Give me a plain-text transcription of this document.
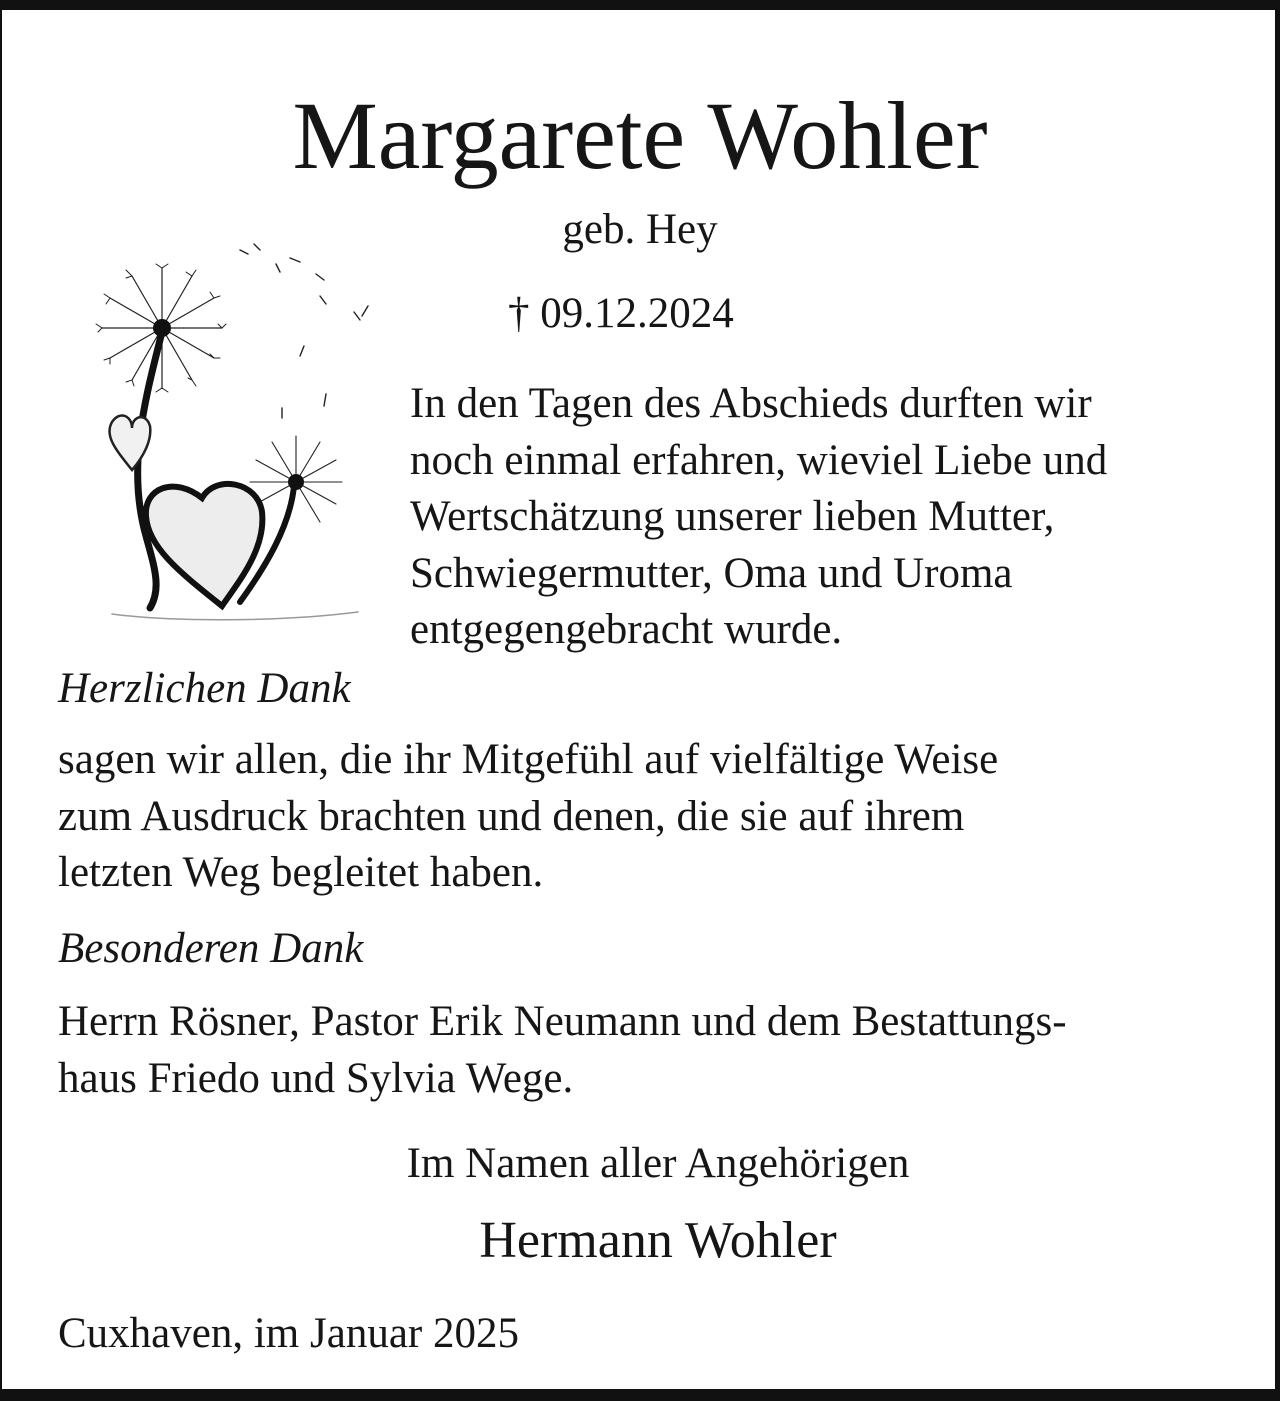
Margarete Wohler
geb. Hey
† 09.12.2024
In den Tagen des Abschieds durften wir
noch einmal erfahren, wieviel Liebe und
Wertschätzung unserer lieben Mutter,
Schwiegermutter, Oma und Uroma
entgegengebracht wurde.
Herzlichen Dank
sagen wir allen, die ihr Mitgefühl auf vielfältige Weise
zum Ausdruck brachten und denen, die sie auf ihrem
letzten Weg begleitet haben.
Besonderen Dank
Herrn Rösner, Pastor Erik Neumann und dem Bestattungs-
haus Friedo und Sylvia Wege.
Im Namen aller Angehörigen
Hermann Wohler
Cuxhaven, im Januar 2025
